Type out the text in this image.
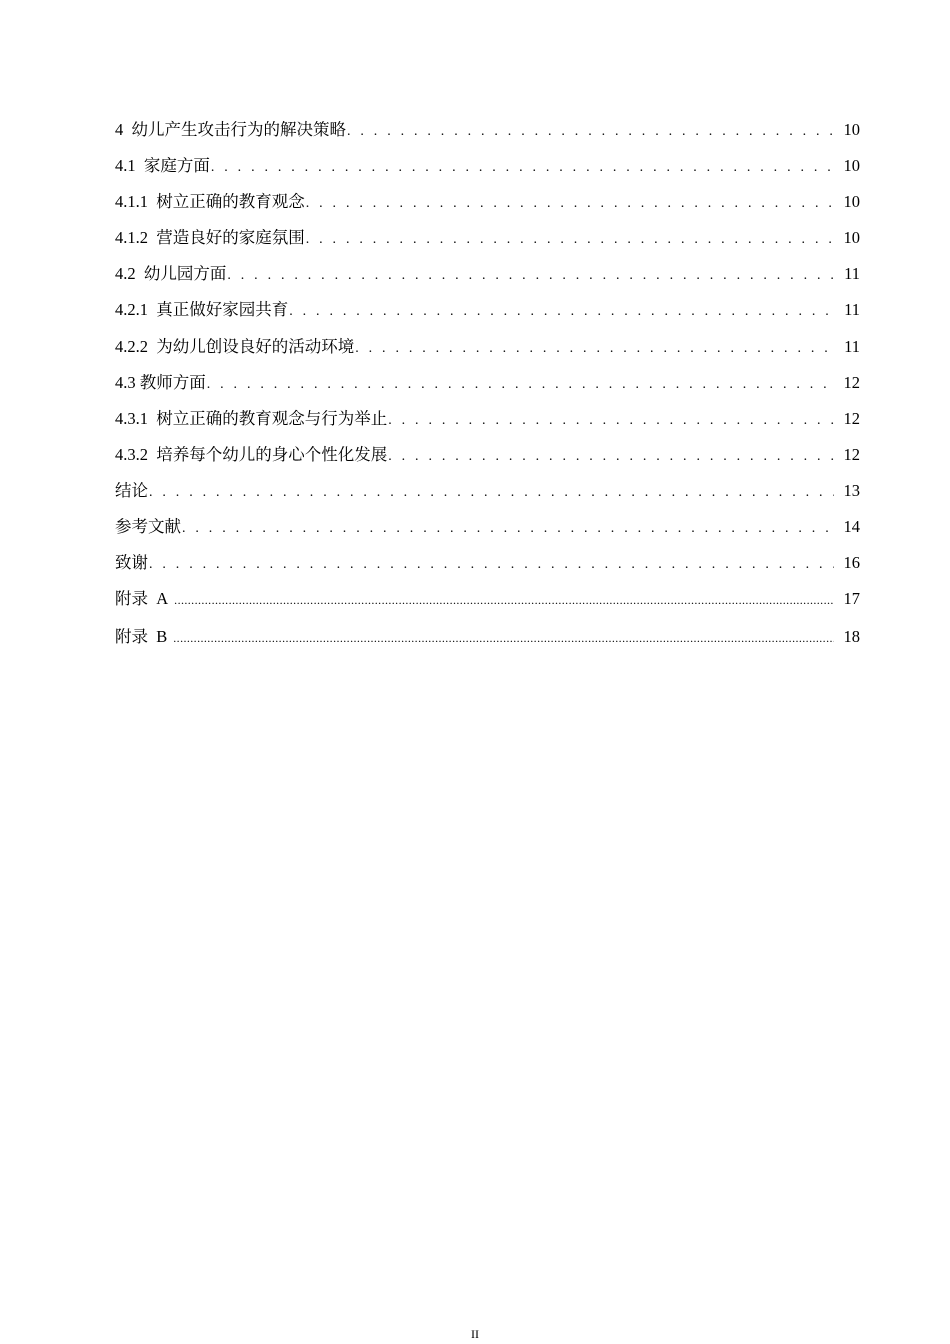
4  幼儿产生攻击行为的解决策略 . . .	10
4.1  家庭方面 . . .	10
4.1.1  树立正确的教育观念 . . .	10
4.1.2  营造良好的家庭氛围 . . .	10
4.2  幼儿园方面 . . .	11
4.2.1  真正做好家园共育 . . .	11
4.2.2  为幼儿创设良好的活动环境 . . .	11
4.3 教师方面 . . .	12
4.3.1  树立正确的教育观念与行为举止 . . .	12
4.3.2  培养每个幼儿的身心个性化发展 . . .	12
结论 . . .	13
参考文献 . . .	14
致谢 . . .	16
附录  A .....	17
附录  B .....	18
II
